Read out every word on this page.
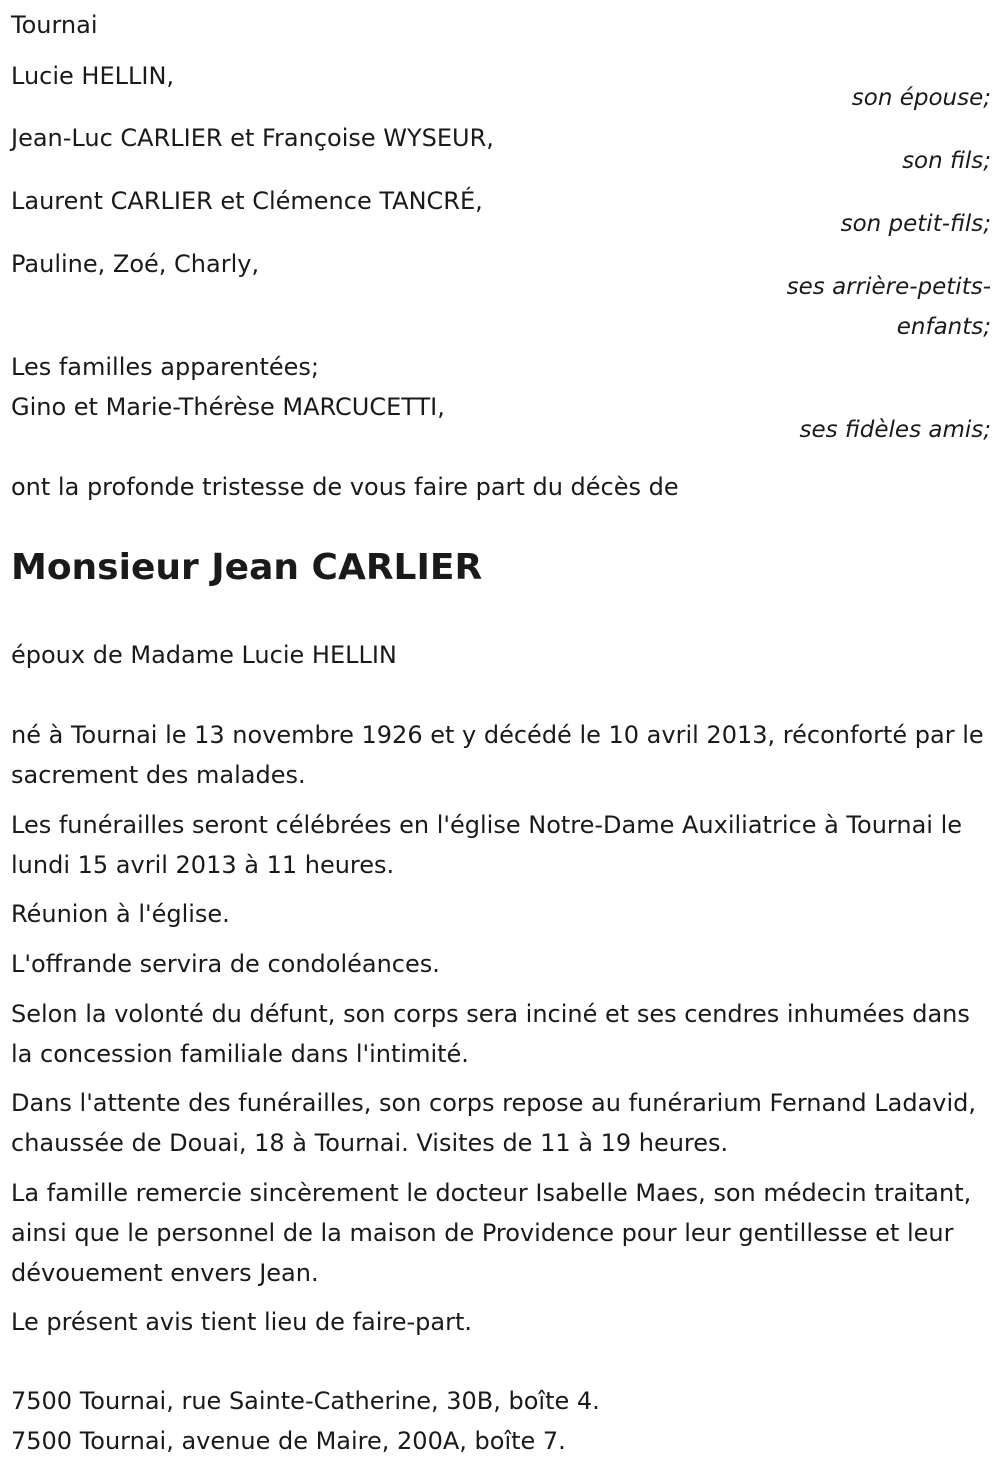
Tournai

Lucie HELLIN,

son épouse;

Jean-Luc CARLIER et Françoise WYSEUR,

son fils;

Laurent CARLIER et Clémence TANCRÉ,

son petit-fils;

Pauline, Zoé, Charly,

ses arrière-petits-

enfants;

Les familles apparentées;

Gino et Marie-Thérèse MARCUCETTI,

ses fidèles amis;

ont la profonde tristesse de vous faire part du décès de

Monsieur Jean CARLIER

époux de Madame Lucie HELLIN

né à Tournai le 13 novembre 1926 et y décédé le 10 avril 2013, réconforté par le sacrement des malades.

Les funérailles seront célébrées en l'église Notre-Dame Auxiliatrice à Tournai le lundi 15 avril 2013 à 11 heures.

Réunion à l'église.

L'offrande servira de condoléances.

Selon la volonté du défunt, son corps sera inciné et ses cendres inhumées dans la concession familiale dans l'intimité.

Dans l'attente des funérailles, son corps repose au funérarium Fernand Ladavid, chaussée de Douai, 18 à Tournai. Visites de 11 à 19 heures.

La famille remercie sincèrement le docteur Isabelle Maes, son médecin traitant, ainsi que le personnel de la maison de Providence pour leur gentillesse et leur dévouement envers Jean.

Le présent avis tient lieu de faire-part.

7500 Tournai, rue Sainte-Catherine, 30B, boîte 4.

7500 Tournai, avenue de Maire, 200A, boîte 7.
